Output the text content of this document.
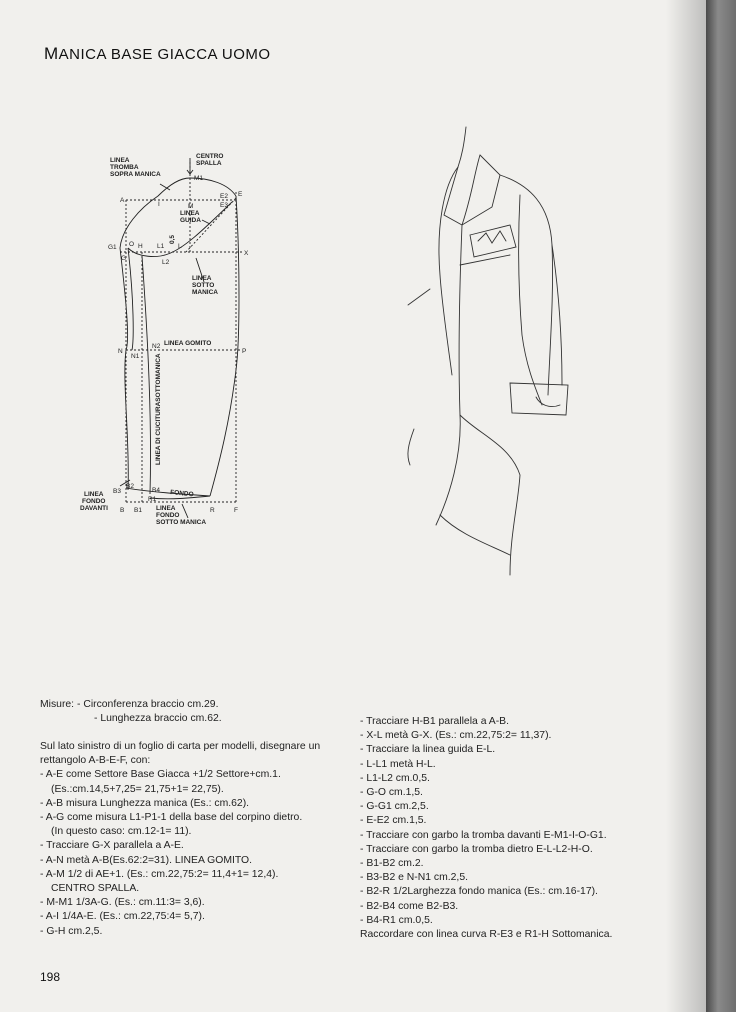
MANICA BASE GIACCA UOMO
LINEA TROMBA SOPRA MANICA
CENTRO SPALLA
LINEA GUIDA
LINEA SOTTO MANICA
LINEA GOMITO
LINEA DI CUCITURASOTTOMANICA
FONDO
LINEA FONDO DAVANTI	LINEA FONDO SOTTO MANICA
0,5
A
I	M
M1
E2
E3
E
G1 O H L1 L
L2
G
X
N
N1
N2
P
B3
B2
B4
R1
B B1	R	F
Misure: - Circonferenza braccio cm.29.
- Lunghezza braccio cm.62.
Sul lato sinistro di un foglio di carta per modelli, disegnare un
rettangolo A-B-E-F, con:
- A-E come Settore Base Giacca +1/2 Settore+cm.1.
(Es.:cm.14,5+7,25= 21,75+1= 22,75).
- A-B misura Lunghezza manica (Es.: cm.62).
- A-G come misura L1-P1-1 della base del corpino dietro.
(In questo caso: cm.12-1= 11).
- Tracciare G-X parallela a A-E.
- A-N metà A-B(Es.62:2=31). LINEA GOMITO.
- A-M 1/2 di AE+1. (Es.: cm.22,75:2= 11,4+1= 12,4).
CENTRO SPALLA.
- M-M1 1/3A-G. (Es.: cm.11:3= 3,6).
- A-I 1/4A-E. (Es.: cm.22,75:4= 5,7).
- G-H cm.2,5.
- Tracciare H-B1 parallela a A-B.
- X-L metà G-X. (Es.: cm.22,75:2= 11,37).
- Tracciare la linea guida E-L.
- L-L1 metà H-L.
- L1-L2 cm.0,5.
- G-O cm.1,5.
- G-G1 cm.2,5.
- E-E2 cm.1,5.
- Tracciare con garbo la tromba davanti E-M1-I-O-G1.
- Tracciare con garbo la tromba dietro E-L-L2-H-O.
- B1-B2 cm.2.
- B3-B2 e N-N1 cm.2,5.
- B2-R 1/2Larghezza fondo manica (Es.: cm.16-17).
- B2-B4 come B2-B3.
- B4-R1 cm.0,5.
Raccordare con linea curva R-E3 e R1-H Sottomanica.
198
